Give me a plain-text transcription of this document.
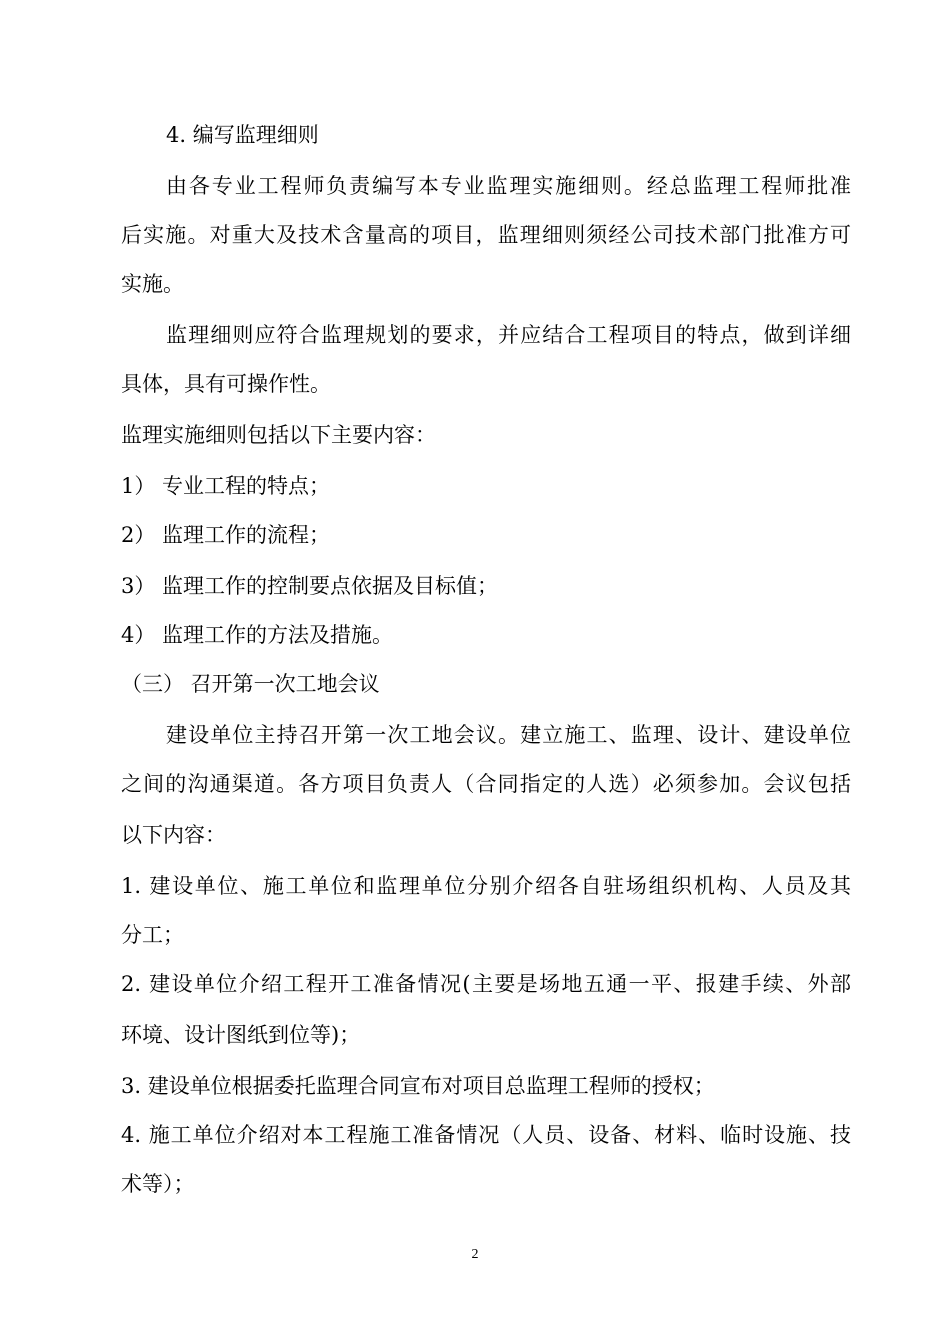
4. 编写监理细则

由各专业工程师负责编写本专业监理实施细则。经总监理工程师批准

后实施。对重大及技术含量高的项目，监理细则须经公司技术部门批准方可

实施。

监理细则应符合监理规划的要求，并应结合工程项目的特点，做到详细

具体，具有可操作性。

监理实施细则包括以下主要内容：

1） 专业工程的特点；

2） 监理工作的流程；

3） 监理工作的控制要点依据及目标值；

4） 监理工作的方法及措施。

（三） 召开第一次工地会议

建设单位主持召开第一次工地会议。建立施工、监理、设计、建设单位

之间的沟通渠道。各方项目负责人（合同指定的人选）必须参加。会议包括

以下内容：

1. 建设单位、施工单位和监理单位分别介绍各自驻场组织机构、人员及其

分工；

2. 建设单位介绍工程开工准备情况(主要是场地五通一平、报建手续、外部

环境、设计图纸到位等)；

3. 建设单位根据委托监理合同宣布对项目总监理工程师的授权；

4. 施工单位介绍对本工程施工准备情况（人员、设备、材料、临时设施、技

术等）；

2
